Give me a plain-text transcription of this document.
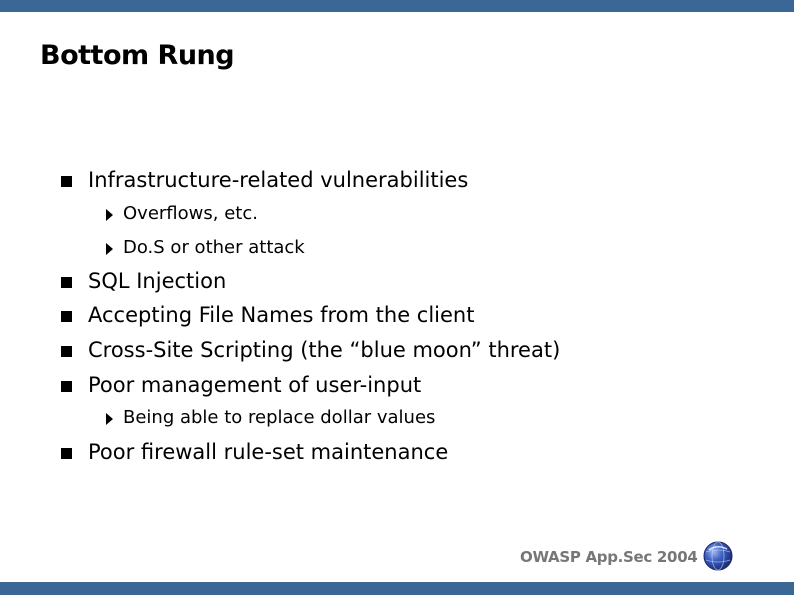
Bottom Rung
Infrastructure-related vulnerabilities
Overflows, etc.
Do.S or other attack
SQL Injection
Accepting File Names from the client
Cross-Site Scripting (the “blue moon” threat)
Poor management of user-input
Being able to replace dollar values
Poor firewall rule-set maintenance
OWASP App.Sec 2004
